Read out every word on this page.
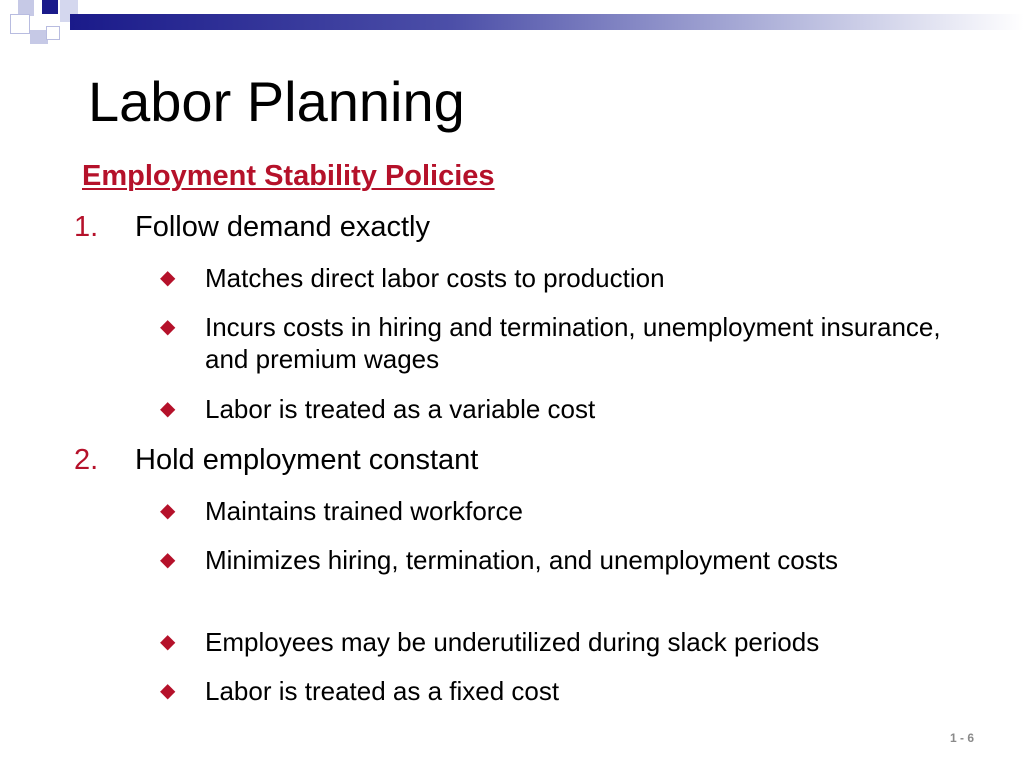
Labor Planning
Employment Stability Policies
1. Follow demand exactly
◆ Matches direct labor costs to production
◆ Incurs costs in hiring and termination, unemployment insurance, and premium wages
◆ Labor is treated as a variable cost
2. Hold employment constant
◆ Maintains trained workforce
◆ Minimizes hiring, termination, and unemployment costs
◆ Employees may be underutilized during slack periods
◆ Labor is treated as a fixed cost
1 - 6
